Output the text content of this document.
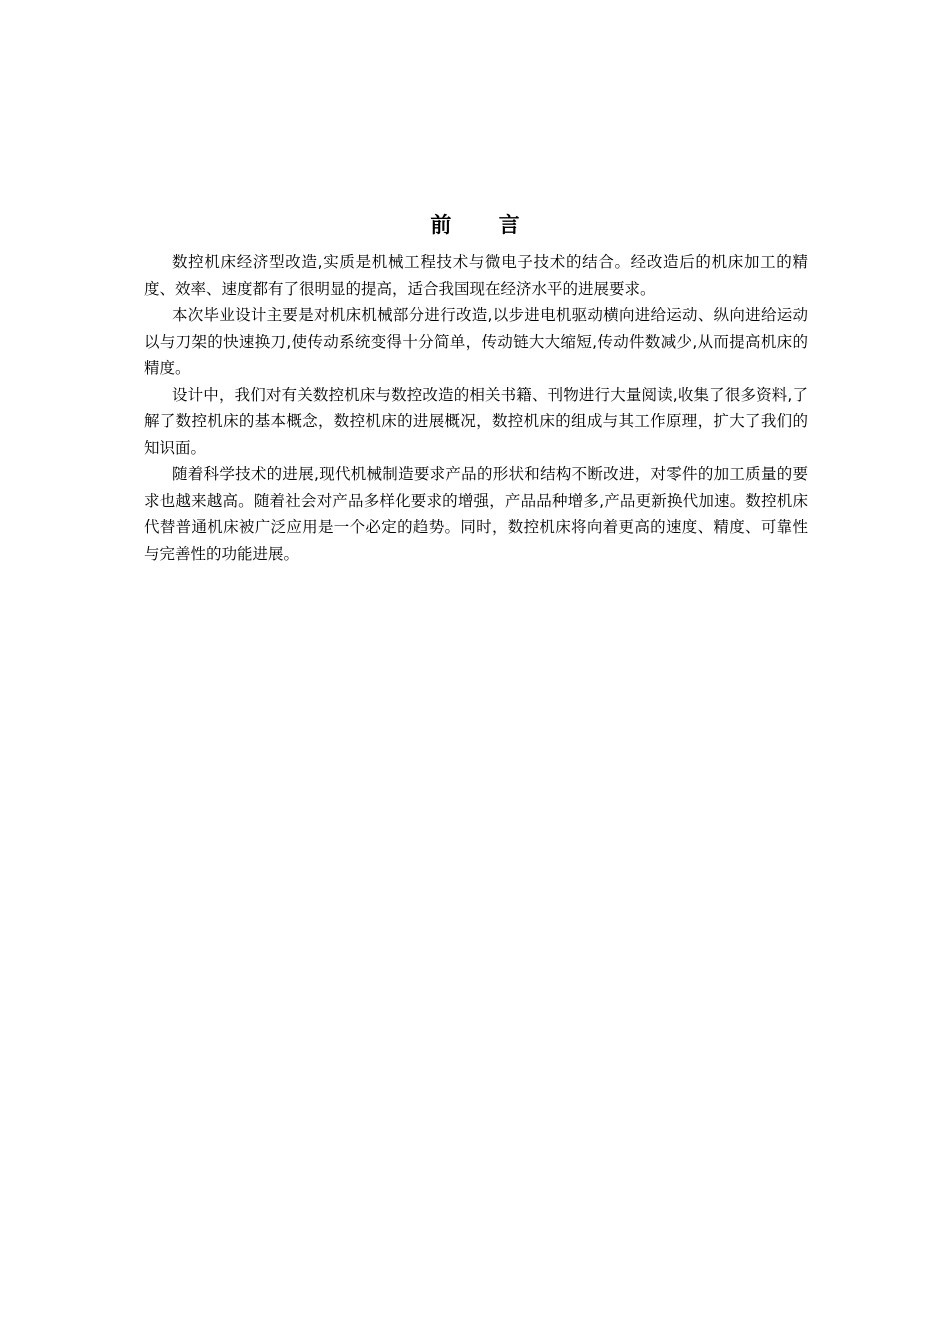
前 言

数控机床经济型改造,实质是机械工程技术与微电子技术的结合。经改造后的机床加工的精度、效率、速度都有了很明显的提高，适合我国现在经济水平的进展要求。

本次毕业设计主要是对机床机械部分进行改造,以步进电机驱动横向进给运动、纵向进给运动以与刀架的快速换刀,使传动系统变得十分简单，传动链大大缩短,传动件数减少,从而提高机床的精度。

设计中，我们对有关数控机床与数控改造的相关书籍、刊物进行大量阅读,收集了很多资料,了解了数控机床的基本概念，数控机床的进展概况，数控机床的组成与其工作原理，扩大了我们的知识面。

随着科学技术的进展,现代机械制造要求产品的形状和结构不断改进，对零件的加工质量的要求也越来越高。随着社会对产品多样化要求的增强，产品品种增多,产品更新换代加速。数控机床代替普通机床被广泛应用是一个必定的趋势。同时，数控机床将向着更高的速度、精度、可靠性与完善性的功能进展。
